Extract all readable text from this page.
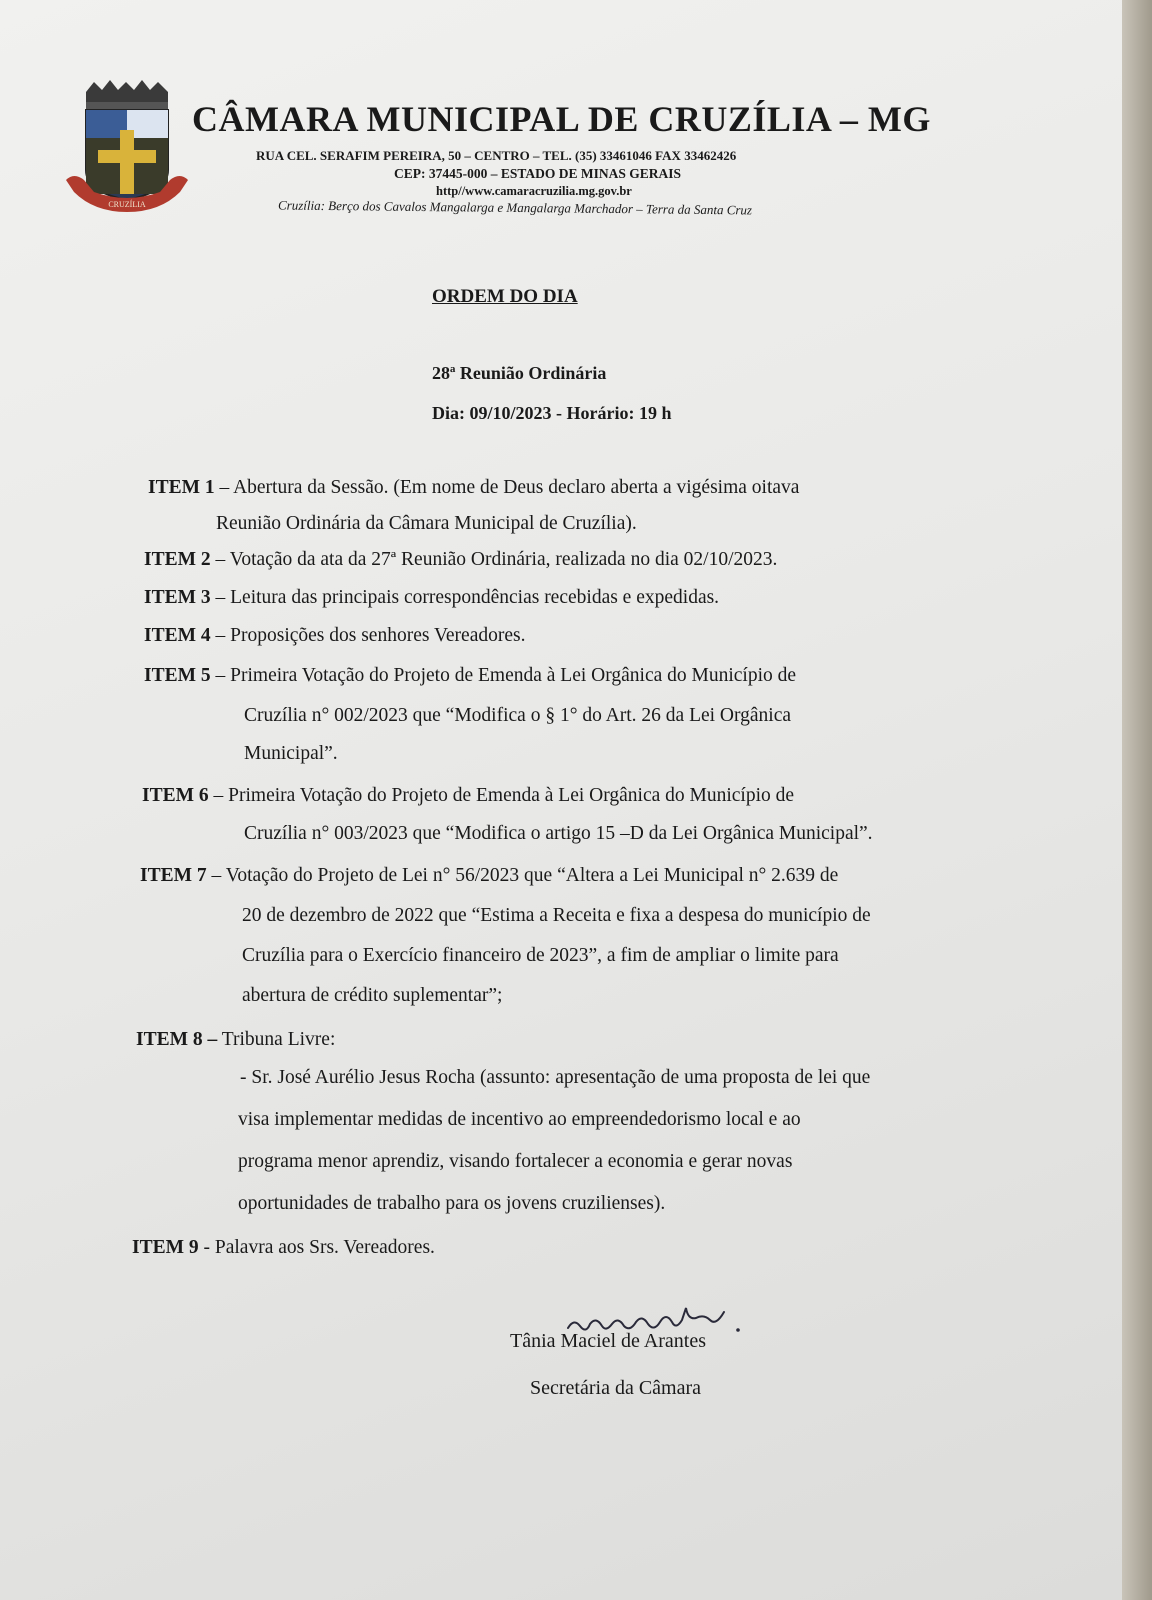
CRUZÍLIA
CÂMARA MUNICIPAL DE CRUZÍLIA – MG
RUA CEL. SERAFIM PEREIRA, 50 – CENTRO – TEL. (35) 33461046 FAX 33462426
CEP: 37445-000 – ESTADO DE MINAS GERAIS
http//www.camaracruzilia.mg.gov.br
Cruzília: Berço dos Cavalos Mangalarga e Mangalarga Marchador – Terra da Santa Cruz
ORDEM DO DIA
28ª Reunião Ordinária
Dia: 09/10/2023 - Horário: 19 h
ITEM 1 – Abertura da Sessão. (Em nome de Deus declaro aberta a vigésima oitava
Reunião Ordinária da Câmara Municipal de Cruzília).
ITEM 2 – Votação da ata da 27ª Reunião Ordinária, realizada no dia 02/10/2023.
ITEM 3 – Leitura das principais correspondências recebidas e expedidas.
ITEM 4 – Proposições dos senhores Vereadores.
ITEM 5 – Primeira Votação do Projeto de Emenda à Lei Orgânica do Município de
Cruzília n° 002/2023 que “Modifica o § 1° do Art. 26 da Lei Orgânica
Municipal”.
ITEM 6 – Primeira Votação do Projeto de Emenda à Lei Orgânica do Município de
Cruzília n° 003/2023 que “Modifica o artigo 15 –D da Lei Orgânica Municipal”.
ITEM 7 – Votação do Projeto de Lei n° 56/2023 que “Altera a Lei Municipal n° 2.639 de
20 de dezembro de 2022 que “Estima a Receita e fixa a despesa do município de
Cruzília para o Exercício financeiro de 2023”, a fim de ampliar o limite para
abertura de crédito suplementar”;
ITEM 8 – Tribuna Livre:
- Sr. José Aurélio Jesus Rocha (assunto: apresentação de uma proposta de lei que
visa implementar medidas de incentivo ao empreendedorismo local e ao
programa menor aprendiz, visando fortalecer a economia e gerar novas
oportunidades de trabalho para os jovens cruzilienses).
ITEM 9 - Palavra aos Srs. Vereadores.
Tânia Maciel de Arantes
Secretária da Câmara
